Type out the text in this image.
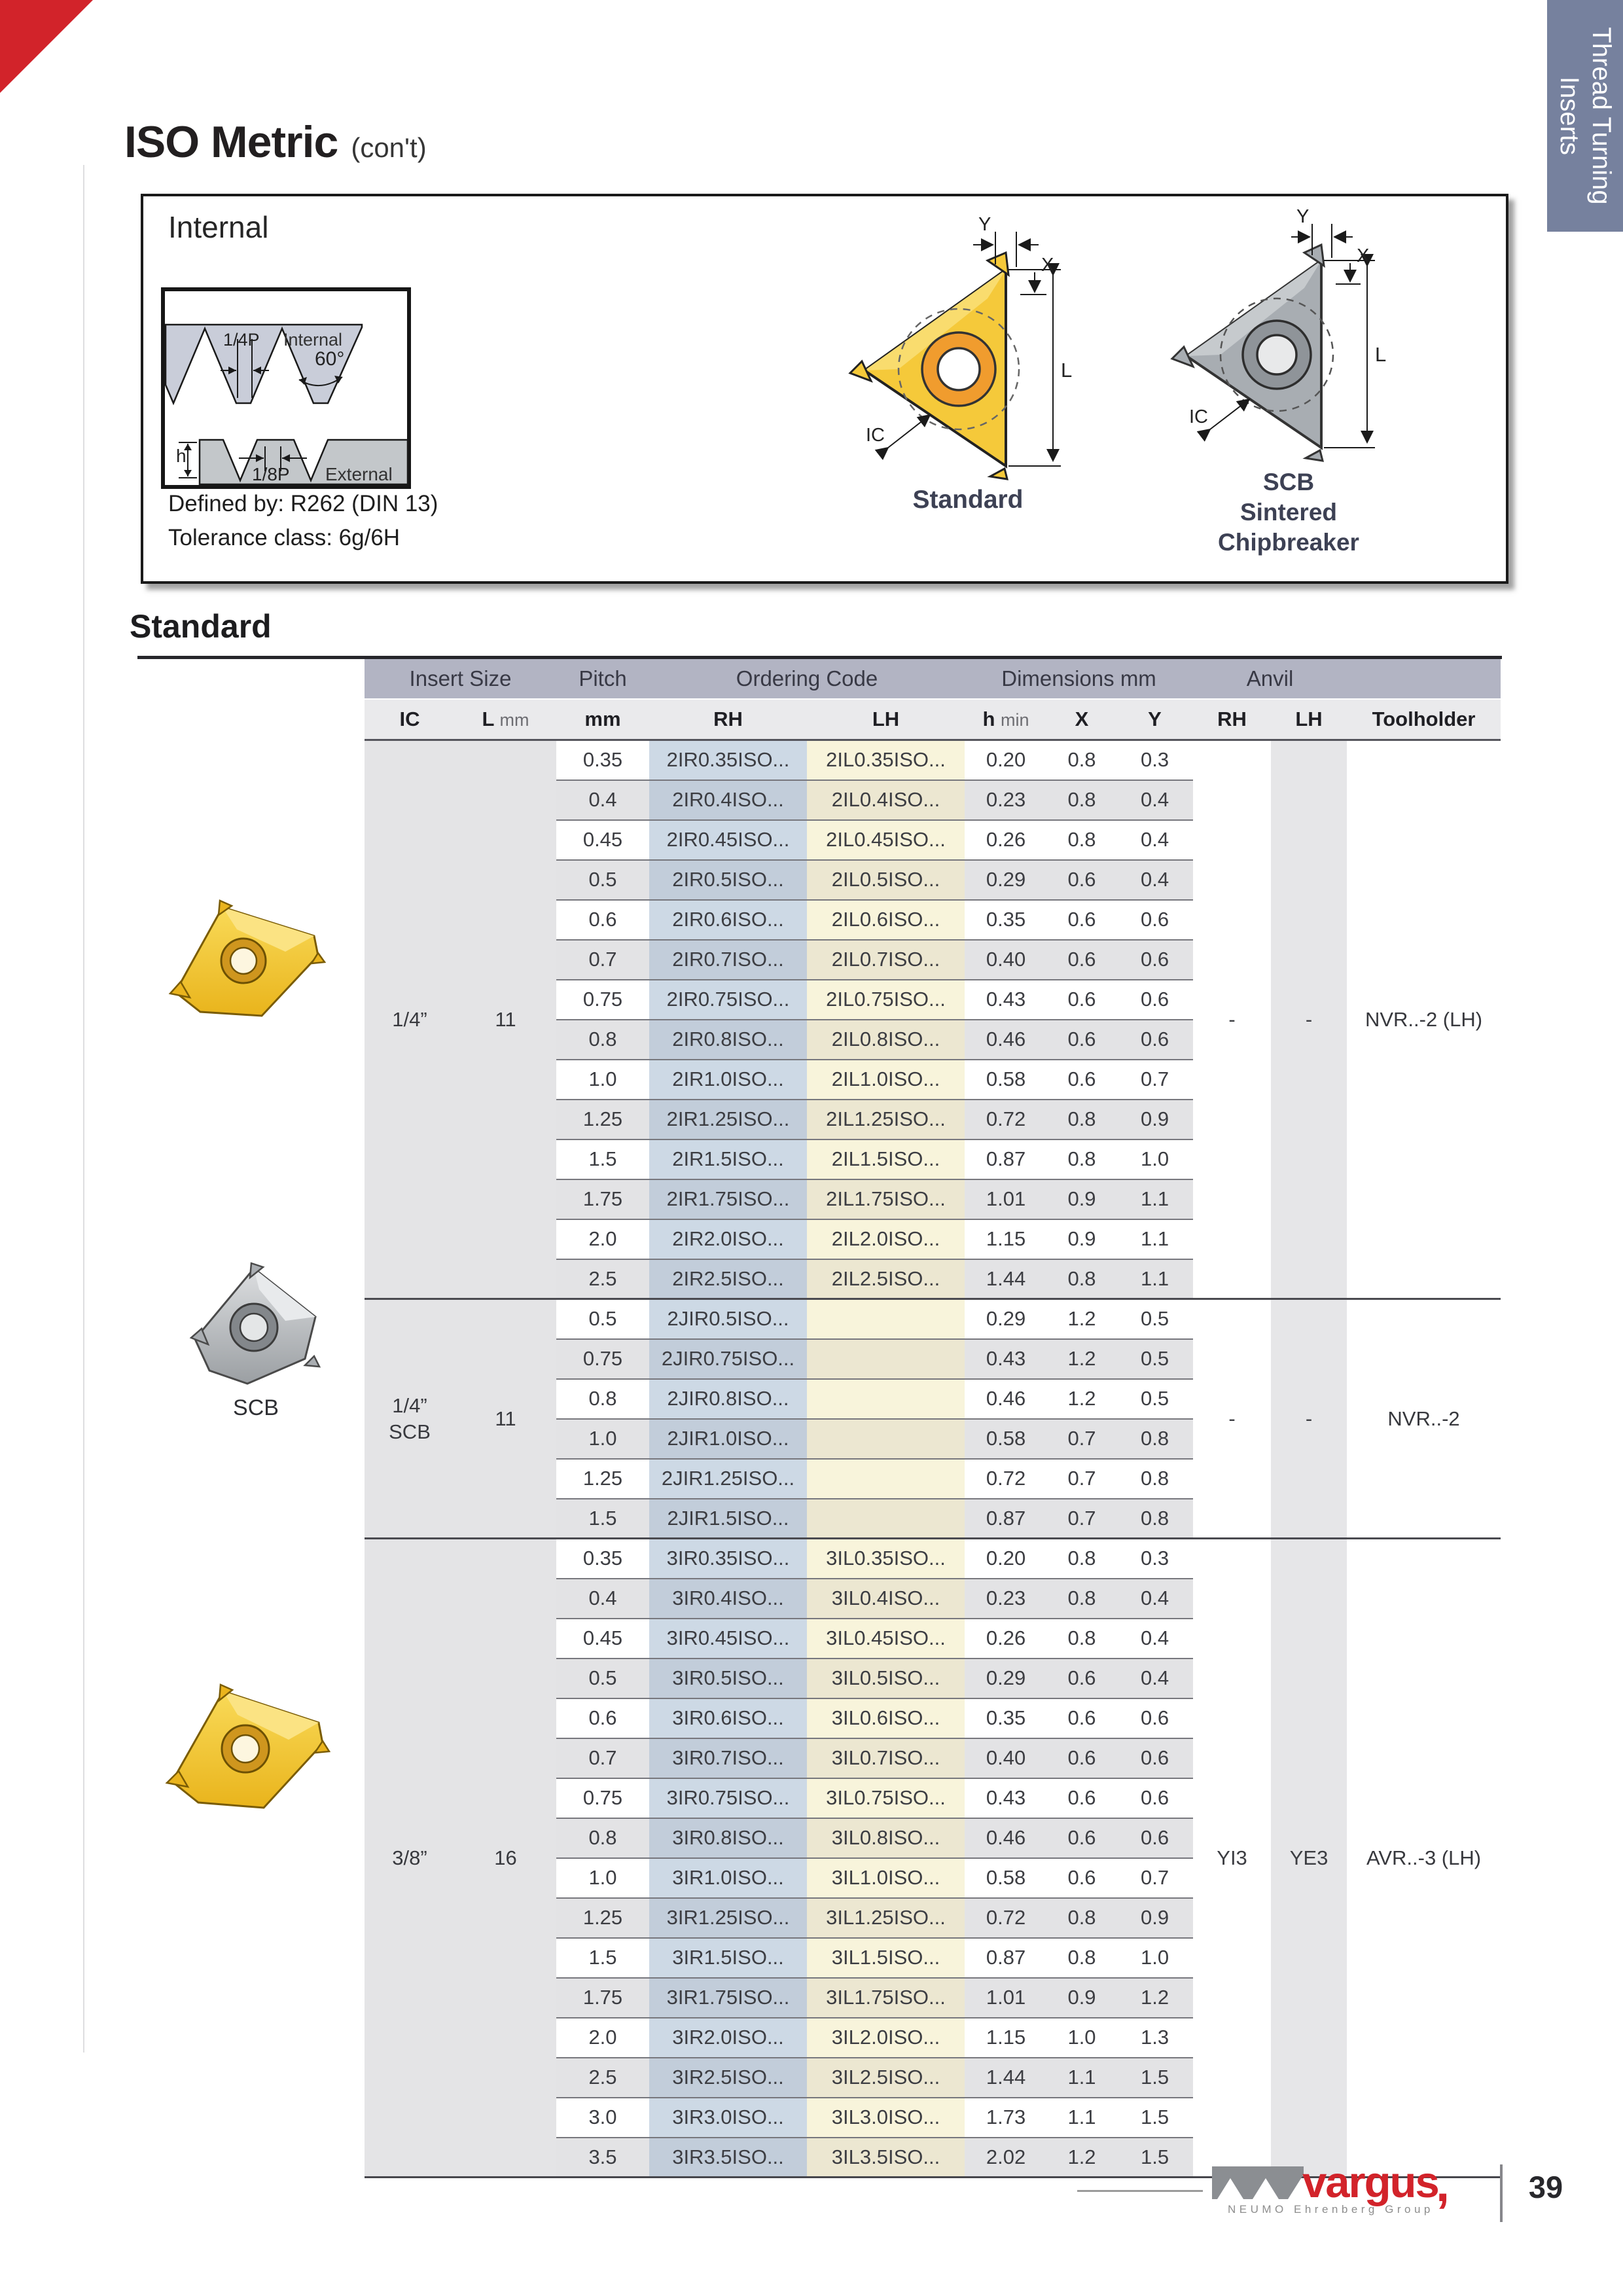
Thread Turning
Inserts
ISO Metric (con't)
Internal
1/4P Internal
60°
h
1/8P External
Defined by: R262 (DIN 13)
Tolerance class: 6g/6H
L
Y
X
IC
Standard
L
Y
X
IC
SCB
Sintered
Chipbreaker
Standard
SCB
Insert Size		Pitch	Ordering Code		Dimensions mm			Anvil		
IC	L mm	mm	RH	LH	h min	X	Y	RH	LH	Toolholder
1/4”	11	0.35	2IR0.35ISO...	2IL0.35ISO...	0.20	0.8	0.3	-	-	NVR..-2 (LH)
		0.4	2IR0.4ISO...	2IL0.4ISO...	0.23	0.8	0.4			
		0.45	2IR0.45ISO...	2IL0.45ISO...	0.26	0.8	0.4			
		0.5	2IR0.5ISO...	2IL0.5ISO...	0.29	0.6	0.4			
		0.6	2IR0.6ISO...	2IL0.6ISO...	0.35	0.6	0.6			
		0.7	2IR0.7ISO...	2IL0.7ISO...	0.40	0.6	0.6			
		0.75	2IR0.75ISO...	2IL0.75ISO...	0.43	0.6	0.6			
		0.8	2IR0.8ISO...	2IL0.8ISO...	0.46	0.6	0.6			
		1.0	2IR1.0ISO...	2IL1.0ISO...	0.58	0.6	0.7			
		1.25	2IR1.25ISO...	2IL1.25ISO...	0.72	0.8	0.9			
		1.5	2IR1.5ISO...	2IL1.5ISO...	0.87	0.8	1.0			
		1.75	2IR1.75ISO...	2IL1.75ISO...	1.01	0.9	1.1			
		2.0	2IR2.0ISO...	2IL2.0ISO...	1.15	0.9	1.1			
		2.5	2IR2.5ISO...	2IL2.5ISO...	1.44	0.8	1.1			
1/4”
SCB	11	0.5	2JIR0.5ISO...		0.29	1.2	0.5	-	-	NVR..-2
		0.75	2JIR0.75ISO...		0.43	1.2	0.5			
		0.8	2JIR0.8ISO...		0.46	1.2	0.5			
		1.0	2JIR1.0ISO...		0.58	0.7	0.8			
		1.25	2JIR1.25ISO...		0.72	0.7	0.8			
		1.5	2JIR1.5ISO...		0.87	0.7	0.8			
3/8”	16	0.35	3IR0.35ISO...	3IL0.35ISO...	0.20	0.8	0.3	YI3	YE3	AVR..-3 (LH)
		0.4	3IR0.4ISO...	3IL0.4ISO...	0.23	0.8	0.4			
		0.45	3IR0.45ISO...	3IL0.45ISO...	0.26	0.8	0.4			
		0.5	3IR0.5ISO...	3IL0.5ISO...	0.29	0.6	0.4			
		0.6	3IR0.6ISO...	3IL0.6ISO...	0.35	0.6	0.6			
		0.7	3IR0.7ISO...	3IL0.7ISO...	0.40	0.6	0.6			
		0.75	3IR0.75ISO...	3IL0.75ISO...	0.43	0.6	0.6			
		0.8	3IR0.8ISO...	3IL0.8ISO...	0.46	0.6	0.6			
		1.0	3IR1.0ISO...	3IL1.0ISO...	0.58	0.6	0.7			
		1.25	3IR1.25ISO...	3IL1.25ISO...	0.72	0.8	0.9			
		1.5	3IR1.5ISO...	3IL1.5ISO...	0.87	0.8	1.0			
		1.75	3IR1.75ISO...	3IL1.75ISO...	1.01	0.9	1.2			
		2.0	3IR2.0ISO...	3IL2.0ISO...	1.15	1.0	1.3			
		2.5	3IR2.5ISO...	3IL2.5ISO...	1.44	1.1	1.5			
		3.0	3IR3.0ISO...	3IL3.0ISO...	1.73	1.1	1.5			
		3.5	3IR3.5ISO...	3IL3.5ISO...	2.02	1.2	1.5			
vargus
,
NEUMO Ehrenberg Group
39
